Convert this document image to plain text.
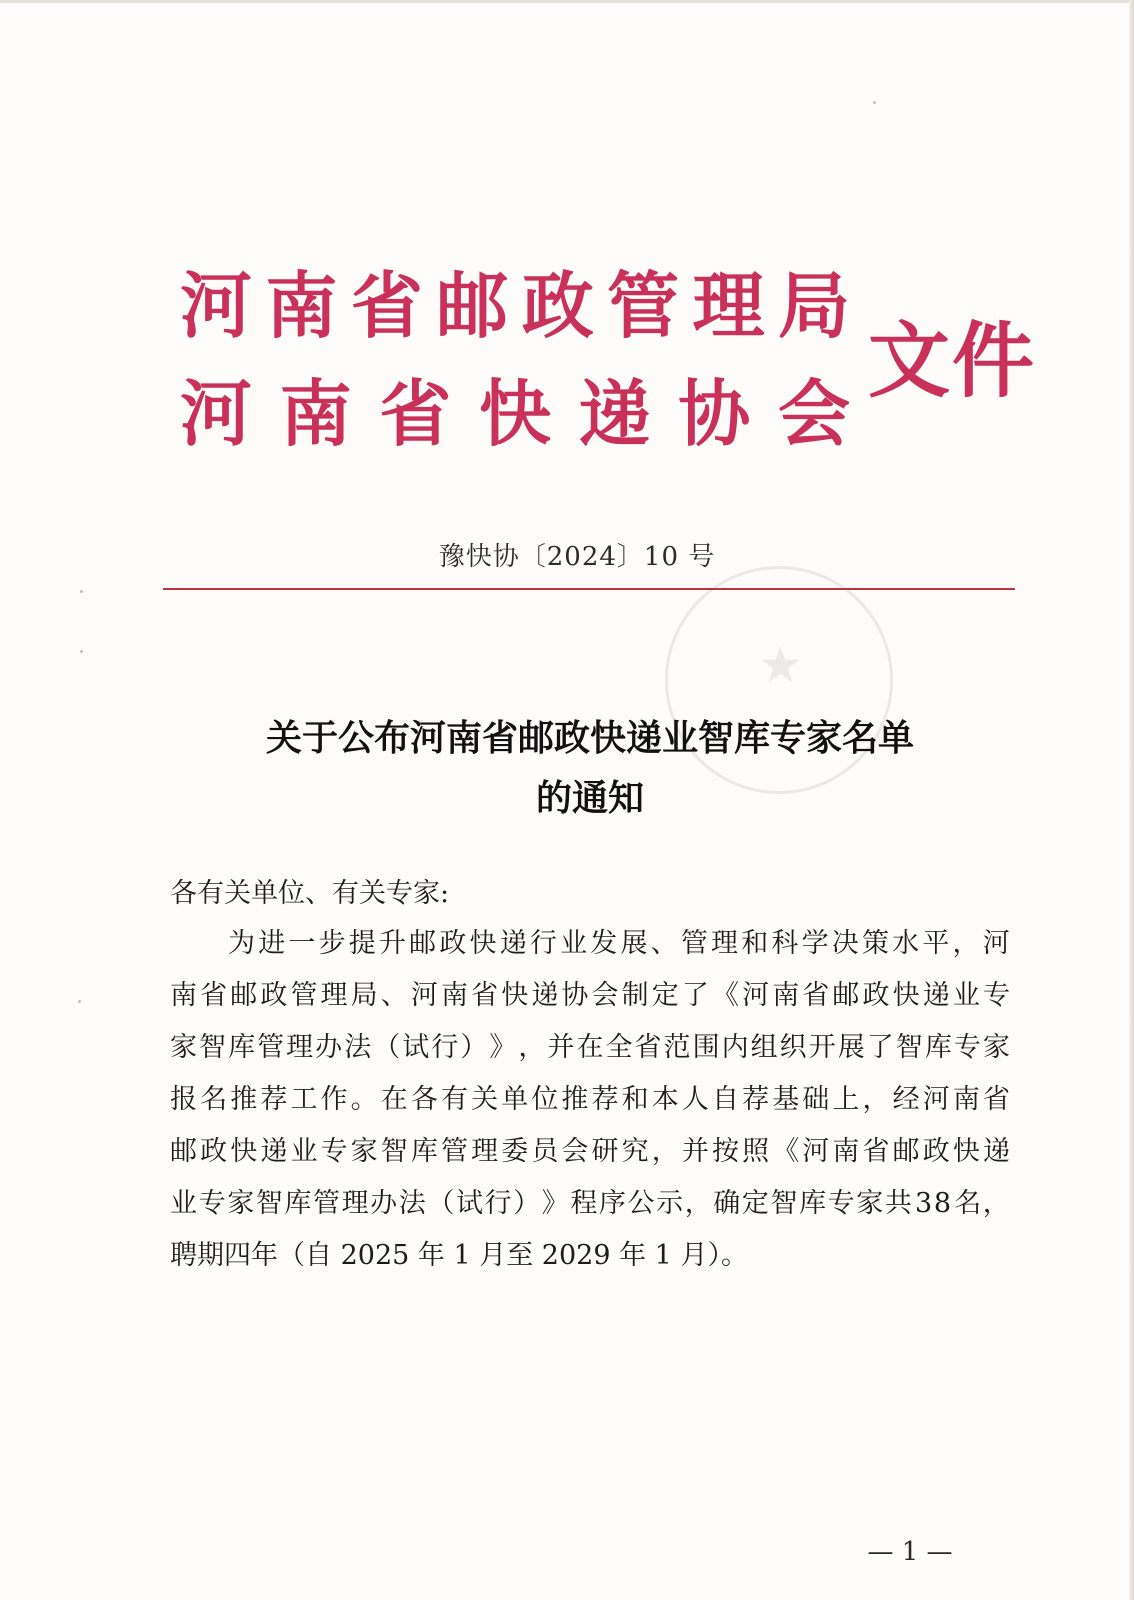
★
河 南 省 邮 政 管 理 局
河 南 省 快 递 协 会
文件
豫快协〔2024〕10 号
关于公布河南省邮政快递业智库专家名单
的通知
各有关单位、有关专家:
为 进 一 步 提 升 邮 政 快 递 行 业 发 展 、 管 理 和 科 学 决 策 水 平 ， 河
南 省 邮 政 管 理 局 、 河 南 省 快 递 协 会 制 定 了 《 河 南 省 邮 政 快 递 业 专
家 智 库 管 理 办 法 （ 试 行 ） 》 ， 并 在 全 省 范 围 内 组 织 开 展 了 智 库 专 家
报 名 推 荐 工 作 。 在 各 有 关 单 位 推 荐 和 本 人 自 荐 基 础 上 ， 经 河 南 省
邮 政 快 递 业 专 家 智 库 管 理 委 员 会 研 究 ， 并 按 照 《 河 南 省 邮 政 快 递
业 专 家 智 库 管 理 办 法 （ 试 行 ） 》 程 序 公 示 ， 确 定 智 库 专 家 共 3 8 名 ，
聘期四年（自 2025 年 1 月至 2029 年 1 月）。
— 1 —
